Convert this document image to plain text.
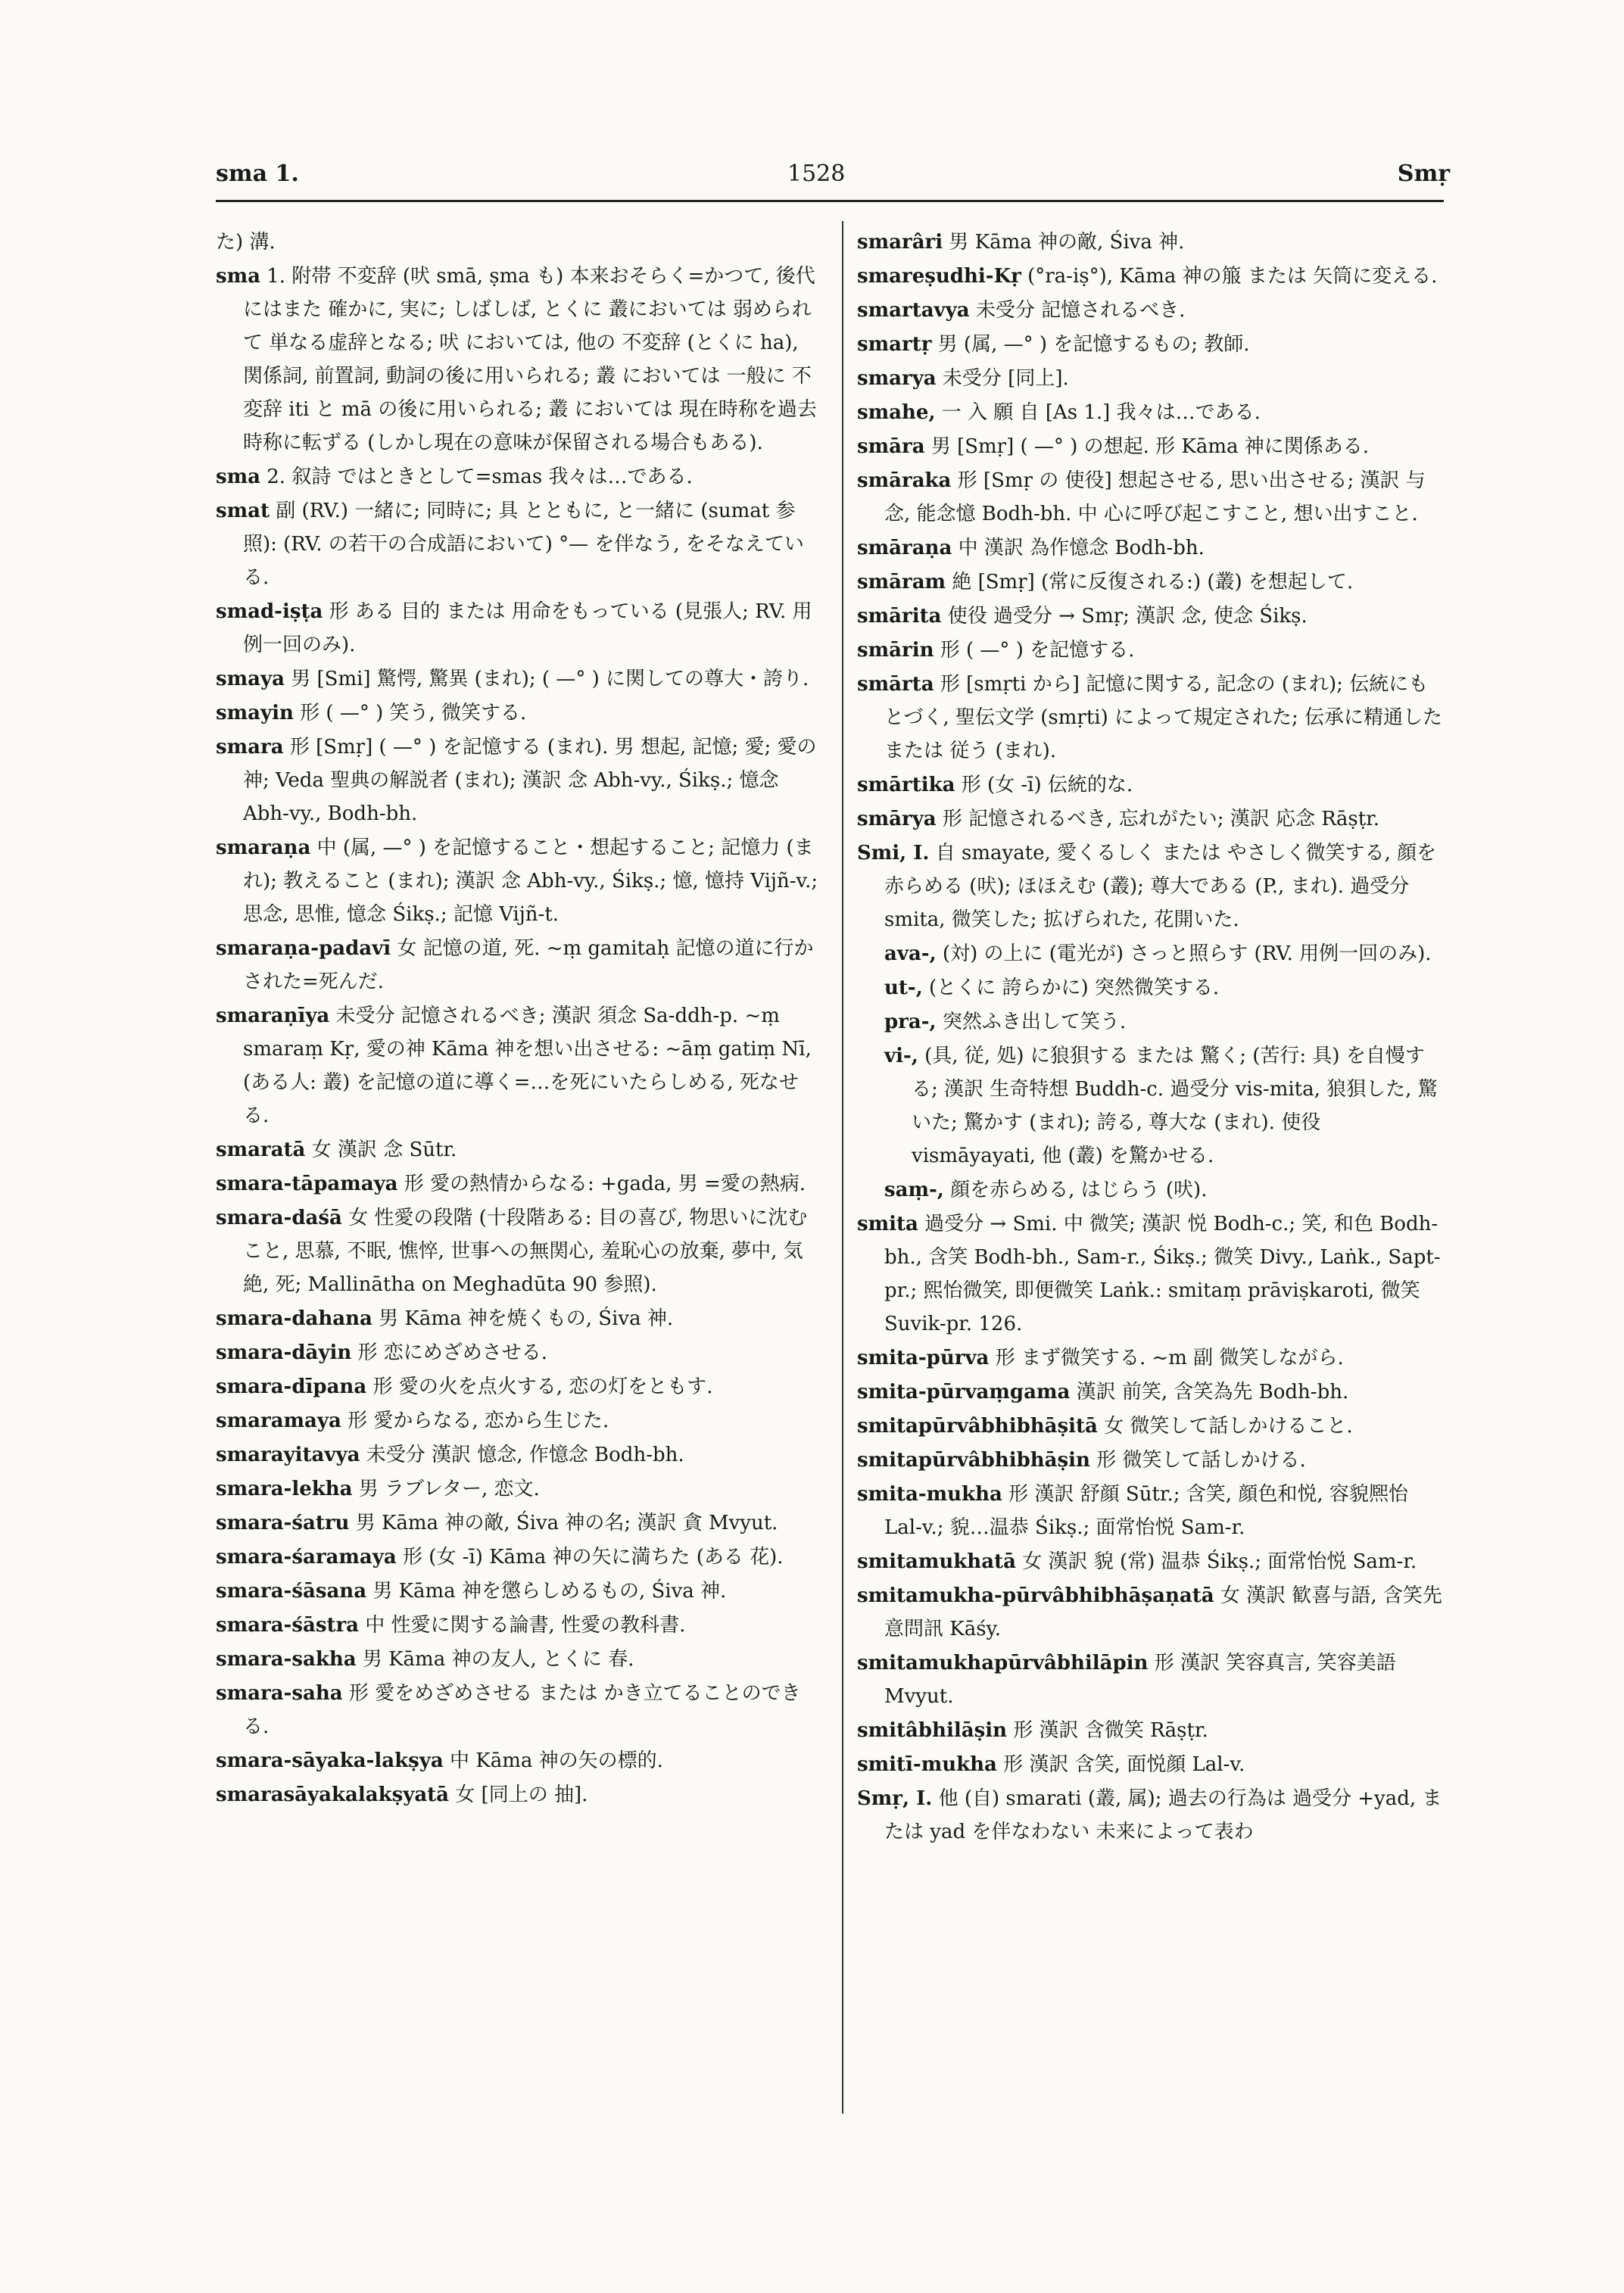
sma 1.	1528	Smṛ
た) 溝.
sma 1. 附帯 不変辞 (吠 smā, ṣma も) 本来おそらく=かつて, 後代にはまた 確かに, 実に; しばしば, とくに 叢においては 弱められて 単なる虚辞となる; 吠 においては, 他の 不変辞 (とくに ha), 関係詞, 前置詞, 動詞の後に用いられる; 叢 においては 一般に 不変辞 iti と mā の後に用いられる; 叢 においては 現在時称を過去時称に転ずる (しかし現在の意味が保留される場合もある).
sma 2. 叙詩 ではときとして=smas 我々は…である.
smat 副 (RV.) 一緒に; 同時に; 具 とともに, と一緒に (sumat 参照): (RV. の若干の合成語において) °— を伴なう, をそなえている.
smad-iṣṭa 形 ある 目的 または 用命をもっている (見張人; RV. 用例一回のみ).
smaya 男 [Smi] 驚愕, 驚異 (まれ); ( —° ) に関しての尊大・誇り.
smayin 形 ( —° ) 笑う, 微笑する.
smara 形 [Smṛ] ( —° ) を記憶する (まれ). 男 想起, 記憶; 愛; 愛の神; Veda 聖典の解説者 (まれ); 漢訳 念 Abh-vy., Śikṣ.; 憶念 Abh-vy., Bodh-bh.
smaraṇa 中 (属, —° ) を記憶すること・想起すること; 記憶力 (まれ); 教えること (まれ); 漢訳 念 Abh-vy., Śikṣ.; 憶, 憶持 Vijñ-v.; 思念, 思惟, 憶念 Śikṣ.; 記憶 Vijñ-t.
smaraṇa-padavī 女 記憶の道, 死. ~ṃ gamitaḥ 記憶の道に行かされた=死んだ.
smaraṇīya 未受分 記憶されるべき; 漢訳 須念 Sa-ddh-p. ~ṃ smaraṃ Kṛ, 愛の神 Kāma 神を想い出させる: ~āṃ gatiṃ Nī, (ある人: 叢) を記憶の道に導く=…を死にいたらしめる, 死なせる.
smaratā 女 漢訳 念 Sūtr.
smara-tāpamaya 形 愛の熱情からなる: +gada, 男 =愛の熱病.
smara-daśā 女 性愛の段階 (十段階ある: 目の喜び, 物思いに沈むこと, 思慕, 不眠, 憔悴, 世事への無関心, 羞恥心の放棄, 夢中, 気絶, 死; Mallinātha on Meghadūta 90 参照).
smara-dahana 男 Kāma 神を焼くもの, Śiva 神.
smara-dāyin 形 恋にめざめさせる.
smara-dīpana 形 愛の火を点火する, 恋の灯をともす.
smaramaya 形 愛からなる, 恋から生じた.
smarayitavya 未受分 漢訳 憶念, 作憶念 Bodh-bh.
smara-lekha 男 ラブレター, 恋文.
smara-śatru 男 Kāma 神の敵, Śiva 神の名; 漢訳 貪 Mvyut.
smara-śaramaya 形 (女 -ī) Kāma 神の矢に満ちた (ある 花).
smara-śāsana 男 Kāma 神を懲らしめるもの, Śiva 神.
smara-śāstra 中 性愛に関する論書, 性愛の教科書.
smara-sakha 男 Kāma 神の友人, とくに 春.
smara-saha 形 愛をめざめさせる または かき立てることのできる.
smara-sāyaka-lakṣya 中 Kāma 神の矢の標的.
smarasāyakalakṣyatā 女 [同上の 抽].
smarâri 男 Kāma 神の敵, Śiva 神.
smareṣudhi-Kṛ (°ra-iṣ°), Kāma 神の箙 または 矢筒に変える.
smartavya 未受分 記憶されるべき.
smartṛ 男 (属, —° ) を記憶するもの; 教師.
smarya 未受分 [同上].
smahe, 一 入 願 自 [As 1.] 我々は…である.
smāra 男 [Smṛ] ( —° ) の想起. 形 Kāma 神に関係ある.
smāraka 形 [Smṛ の 使役] 想起させる, 思い出させる; 漢訳 与念, 能念憶 Bodh-bh. 中 心に呼び起こすこと, 想い出すこと.
smāraṇa 中 漢訳 為作憶念 Bodh-bh.
smāram 絶 [Smṛ] (常に反復される:) (叢) を想起して.
smārita 使役 過受分 → Smṛ; 漢訳 念, 使念 Śikṣ.
smārin 形 ( —° ) を記憶する.
smārta 形 [smṛti から] 記憶に関する, 記念の (まれ); 伝統にもとづく, 聖伝文学 (smṛti) によって規定された; 伝承に精通した または 従う (まれ).
smārtika 形 (女 -ī) 伝統的な.
smārya 形 記憶されるべき, 忘れがたい; 漢訳 応念 Rāṣṭr.
Smi, I. 自 smayate, 愛くるしく または やさしく微笑する, 顔を赤らめる (吠); ほほえむ (叢); 尊大である (P., まれ). 過受分 smita, 微笑した; 拡げられた, 花開いた.
ava-, (対) の上に (電光が) さっと照らす (RV. 用例一回のみ).
ut-, (とくに 誇らかに) 突然微笑する.
pra-, 突然ふき出して笑う.
vi-, (具, 従, 処) に狼狽する または 驚く; (苦行: 具) を自慢する; 漢訳 生奇特想 Buddh-c. 過受分 vis-mita, 狼狽した, 驚いた; 驚かす (まれ); 誇る, 尊大な (まれ). 使役 vismāyayati, 他 (叢) を驚かせる.
saṃ-, 顔を赤らめる, はじらう (吠).
smita 過受分 → Smi. 中 微笑; 漢訳 悦 Bodh-c.; 笑, 和色 Bodh-bh., 含笑 Bodh-bh., Sam-r., Śikṣ.; 微笑 Divy., Laṅk., Sapt-pr.; 熙怡微笑, 即便微笑 Laṅk.: smitaṃ prāviṣkaroti, 微笑 Suvik-pr. 126.
smita-pūrva 形 まず微笑する. ~m 副 微笑しながら.
smita-pūrvaṃgama 漢訳 前笑, 含笑為先 Bodh-bh.
smitapūrvâbhibhāṣitā 女 微笑して話しかけること.
smitapūrvâbhibhāṣin 形 微笑して話しかける.
smita-mukha 形 漢訳 舒顔 Sūtr.; 含笑, 顔色和悦, 容貌熈怡 Lal-v.; 貌…温恭 Śikṣ.; 面常怡悦 Sam-r.
smitamukhatā 女 漢訳 貌 (常) 温恭 Śikṣ.; 面常怡悦 Sam-r.
smitamukha-pūrvâbhibhāṣaṇatā 女 漢訳 歓喜与語, 含笑先意問訊 Kāśy.
smitamukhapūrvâbhilāpin 形 漢訳 笑容真言, 笑容美語 Mvyut.
smitâbhilāṣin 形 漢訳 含微笑 Rāṣṭr.
smitī-mukha 形 漢訳 含笑, 面悦顔 Lal-v.
Smṛ, I. 他 (自) smarati (叢, 属); 過去の行為は 過受分 +yad, または yad を伴なわない 未来によって表わ
